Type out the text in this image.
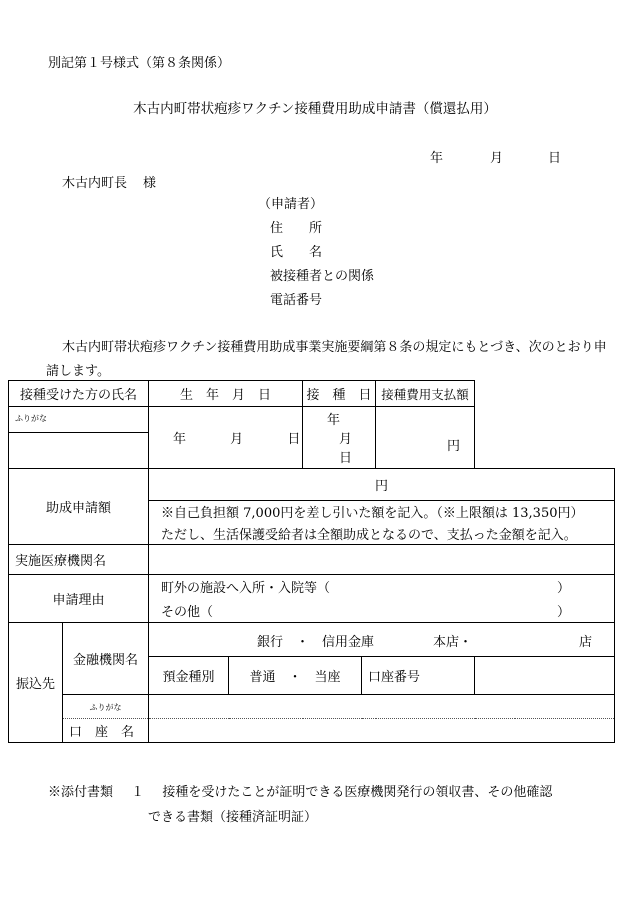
別記第１号様式（第８条関係）
木古内町帯状疱疹ワクチン接種費用助成申請書（償還払用）
年	月	日
木古内町長 様
（申請者）
住　　所
氏　　名
被接種者との関係
電話番号
木古内町帯状疱疹ワクチン接種費用助成事業実施要綱第８条の規定にもとづき、次のとおり申請します。
接種受けた方の氏名		生　年　月　日		接　種　日		接種費用支払額	
ふりがな		年 月 日		年 月 日		円	

助成申請額		円					
		※自己負担額 7,000円を差し引いた額を記入。（※上限額は 13,350円）					
		ただし、生活保護受給者は全額助成となるので、支払った金額を記入。					
実施医療機関名							
申請理由		町外の施設へ入所・入院等（ ）					

		その他（ ）					

振込先	金融機関名	銀行　・　信用金庫 本店・ 店					

		預金種別	普通　・　当座		口座番号		
	ふりがな						
	口　座　名						
※添付書類 １ 接種を受けたことが証明できる医療機関発行の領収書、その他確認
できる書類（接種済証明証）
